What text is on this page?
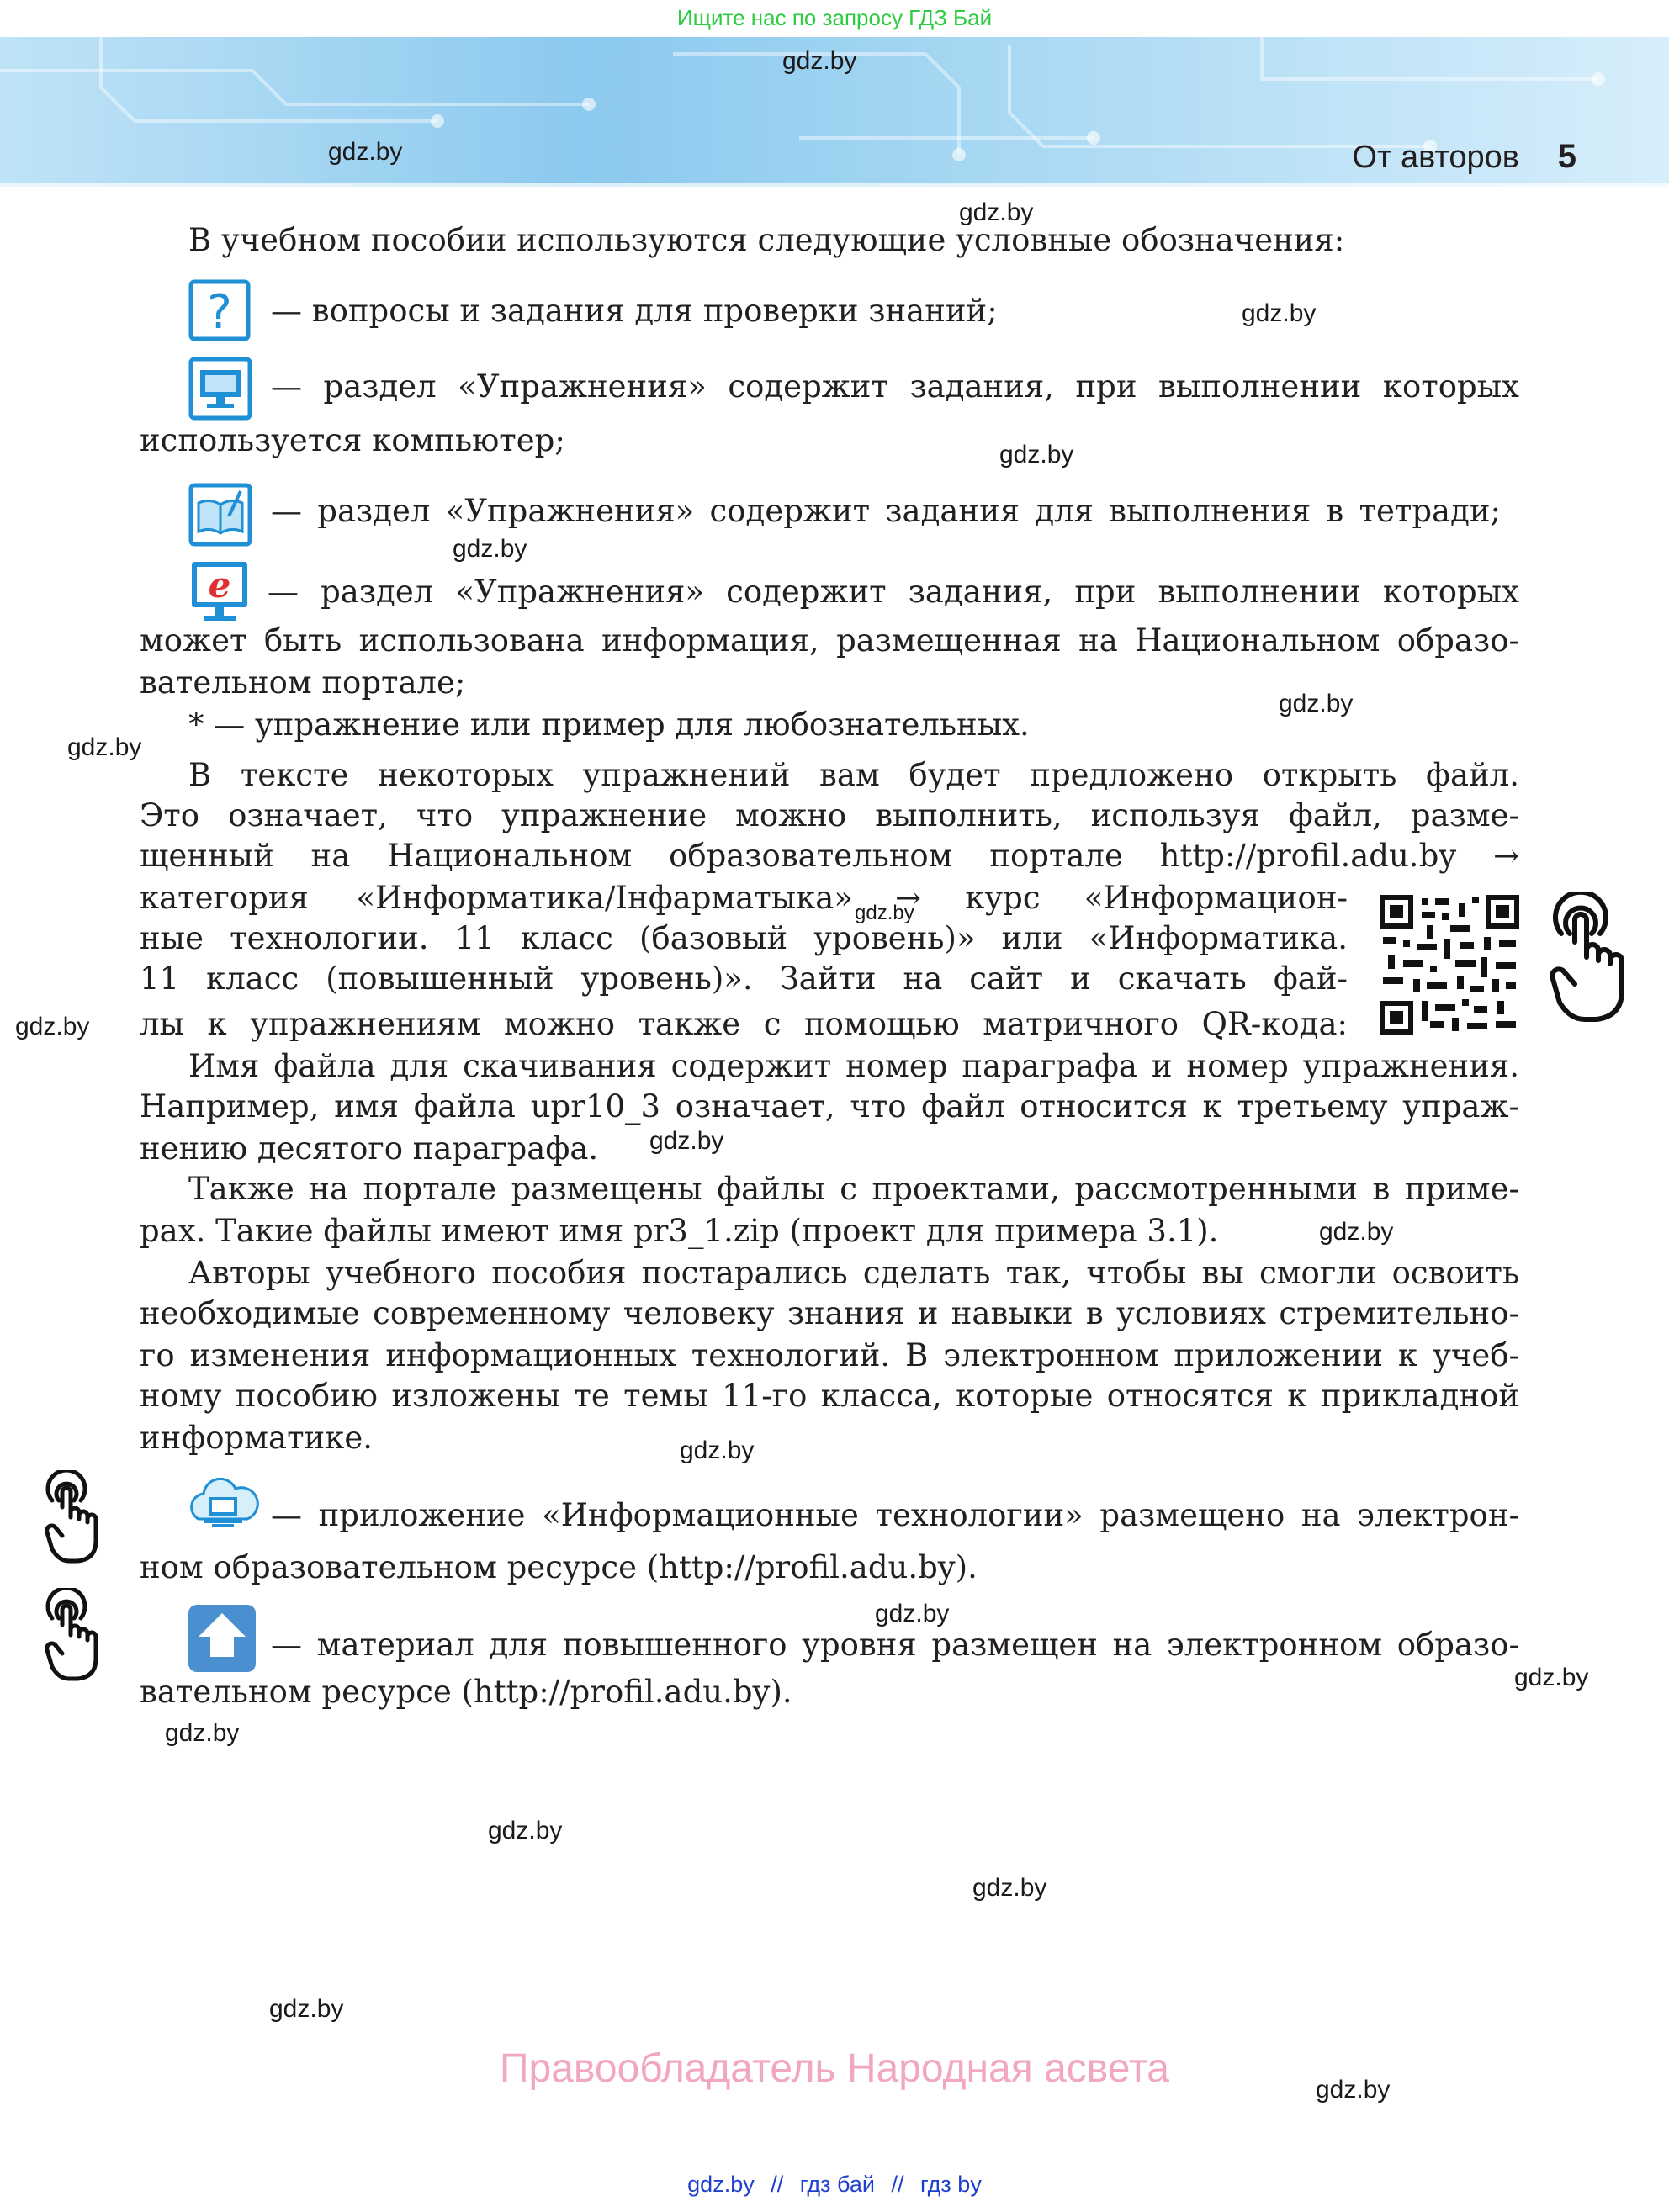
Ищите нас по запросу ГДЗ Бай
От авторов 5
gdz.by
gdz.by
gdz.by
gdz.by
gdz.by
gdz.by
gdz.by
gdz.by
gdz.by
gdz.by
gdz.by
gdz.by
gdz.by
gdz.by
gdz.by
gdz.by
gdz.by
gdz.by
gdz.by
gdz.by
В учебном пособии используются следующие условные обозначения:
? — вопросы и задания для проверки знаний;
— раздел «Упражнения» содержит задания, при выполнении которых
используется компьютер;
— раздел «Упражнения» содержит задания для выполнения в тетради;
e — раздел «Упражнения» содержит задания, при выполнении которых
может быть использована информация, размещенная на Национальном образо-
вательном портале;
* — упражнение или пример для любознательных.
В текстe некоторых упражнений вам будет предложено открыть файл.
Это означает, что упражнение можно выполнить, используя файл, разме-
щенный на Национальном образовательном портале http://profil.adu.by →
категория «Информатика/Інфарматыка» → курс «Информацион-
ные технологии. 11 класс (базовый уровень)» или «Информатика.
11 класс (повышенный уровень)». Зайти на сайт и скачать фай-
лы к упражнениям можно также с помощью матричного QR-кода:
Имя файла для скачивания содержит номер параграфа и номер упражнения.
Например, имя файла upr10_3 означает, что файл относится к третьему упраж-
нению десятого параграфа.
Также на портале размещены файлы с проектами, рассмотренными в приме-
рах. Такие файлы имеют имя pr3_1.zip (проект для примера 3.1).
Авторы учебного пособия постарались сделать так, чтобы вы смогли освоить
необходимые современному человеку знания и навыки в условиях стремительно-
го изменения информационных технологий. В электронном приложении к учеб-
ному пособию изложены те темы 11-го класса, которые относятся к прикладной
информатике.
— приложение «Информационные технологии» размещено на электрон-
ном образовательном ресурсе (http://profil.adu.by).
— материал для повышенного уровня размещен на электронном образо-
вательном ресурсе (http://profil.adu.by).
Правообладатель Народная асвета
gdz.by // гдз бай // гдз by
